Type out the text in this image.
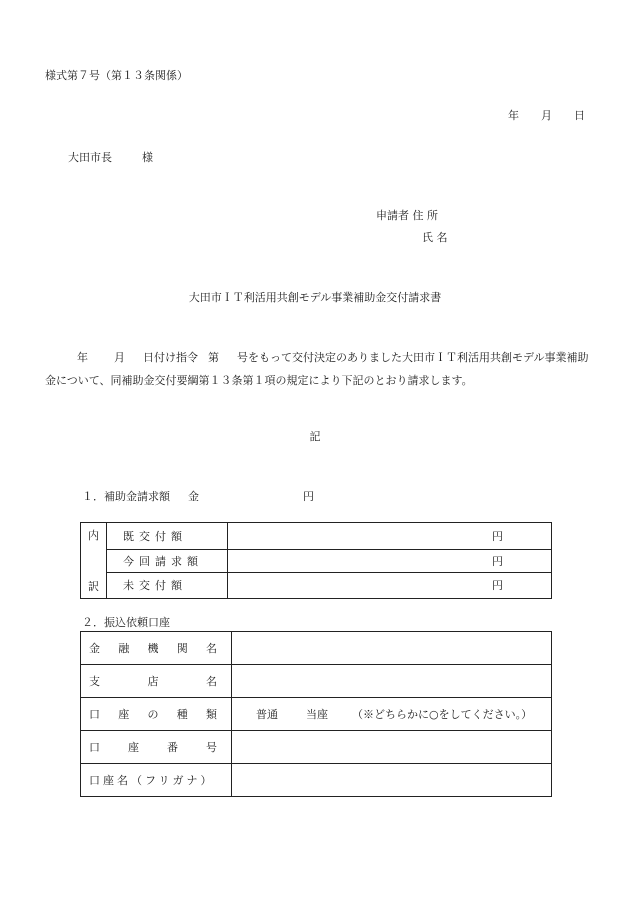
様式第７号（第１３条関係）
年 月 日
大田市長	様
申請者 住 所
氏 名
大田市ＩＴ利活用共創モデル事業補助金交付請求書
年 月 日付け指令 第 号をもって交付決定のありました大田市ＩＴ利活用共創モデル事業補助金について、同補助金交付要綱第１３条第１項の規定により下記のとおり請求します。
記
１．補助金請求額 金	円
内	既交付額	円
	今回請求額	円
訳	未交付額	円
２．振込依頼口座
金 融 機 関 名	

支 店 名	

口 座 の 種 類	普通 当座 （※どちらかに○をしてください。）

口 座 番 号	

口座名（フリガナ）	
